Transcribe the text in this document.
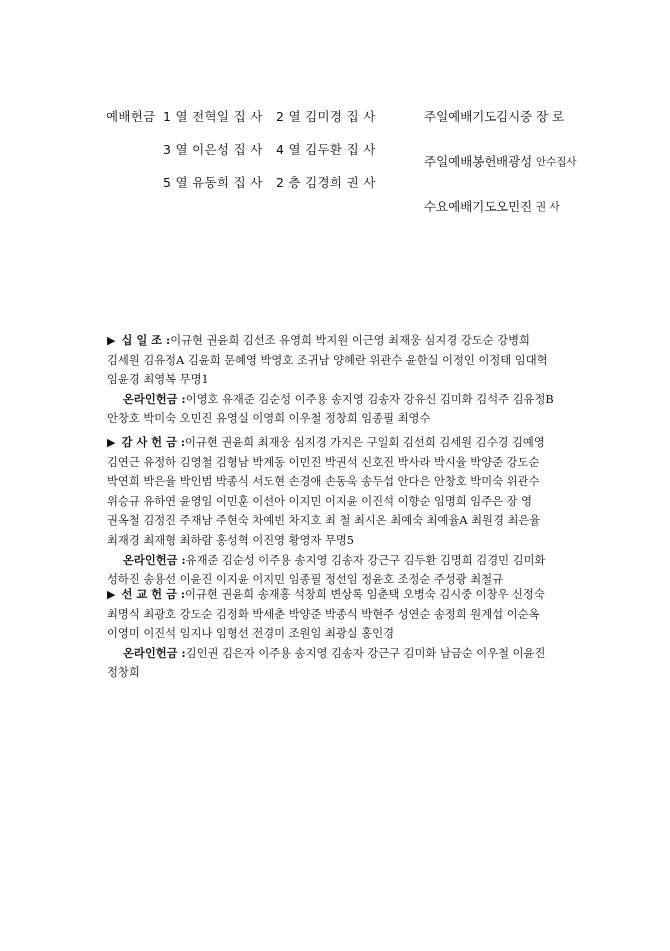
예배헌금 1 열 전혁일 집 사 2 열 김미경 집 사
3 열 이은성 집 사 4 열 김두환 집 사
5 열 유동희 집 사 2 층 김경희 권 사
주일예배기도 김시중 장 로
주일예배봉헌 배광성 안수집사
수요예배기도 오민진 권 사
▶ 십 일 조 :이규현 권윤희 김선조 유영희 박지원 이근영 최재웅 심지경 강도순 강병희
김세원 김유정A 김윤희 문혜영 박영호 조귀남 양혜란 위관수 윤한실 이정인 이정태 임대혁
임윤경 최영복 무명1
온라인헌금 :이영호 유재준 김순성 이주용 송지영 김송자 강유신 김미화 김석주 김유정B
안창호 박미숙 오민진 유영실 이영희 이우철 정창희 임종필 최영수
▶ 감 사 헌 금 :이규현 권윤희 최재웅 심지경 가지은 구일회 김선희 김세원 김수경 김예영
김연근 유정하 김영철 김형남 박계동 이민진 박권석 신호진 박사라 박시율 박양준 강도순
박연희 박은율 박인범 박종식 서도현 손경애 손동욱 송두섭 안다은 안창호 박미숙 위관수
위승규 유하연 윤영임 이민훈 이선아 이지민 이지윤 이진석 이향순 임명희 임주은 장 영
권옥철 김정진 주재남 주현숙 차예빈 차지호 최 철 최시온 최예숙 최예율A 최원경 최은율
최재경 최재형 최하람 홍성혁 이진영 황영자 무명5
온라인헌금 :유재준 김순성 이주용 송지영 김송자 강근구 김두환 김명희 김경민 김미화
성하진 송용선 이윤진 이지윤 이지민 임종필 정선임 정윤호 조정순 주성광 최철규
▶ 선 교 헌 금 :이규현 권윤희 송재홍 석창희 변상록 임춘택 오병숙 김시중 이창우 신정숙
최명식 최광호 강도순 김정화 박세춘 박양준 박종식 박현주 성연순 송정희 원계섭 이순옥
이영미 이진석 임지나 임형선 전경미 조원임 최광실 홍인경
온라인헌금 :김인권 김은자 이주용 송지영 김송자 강근구 김미화 남금순 이우철 이윤진
정창희
